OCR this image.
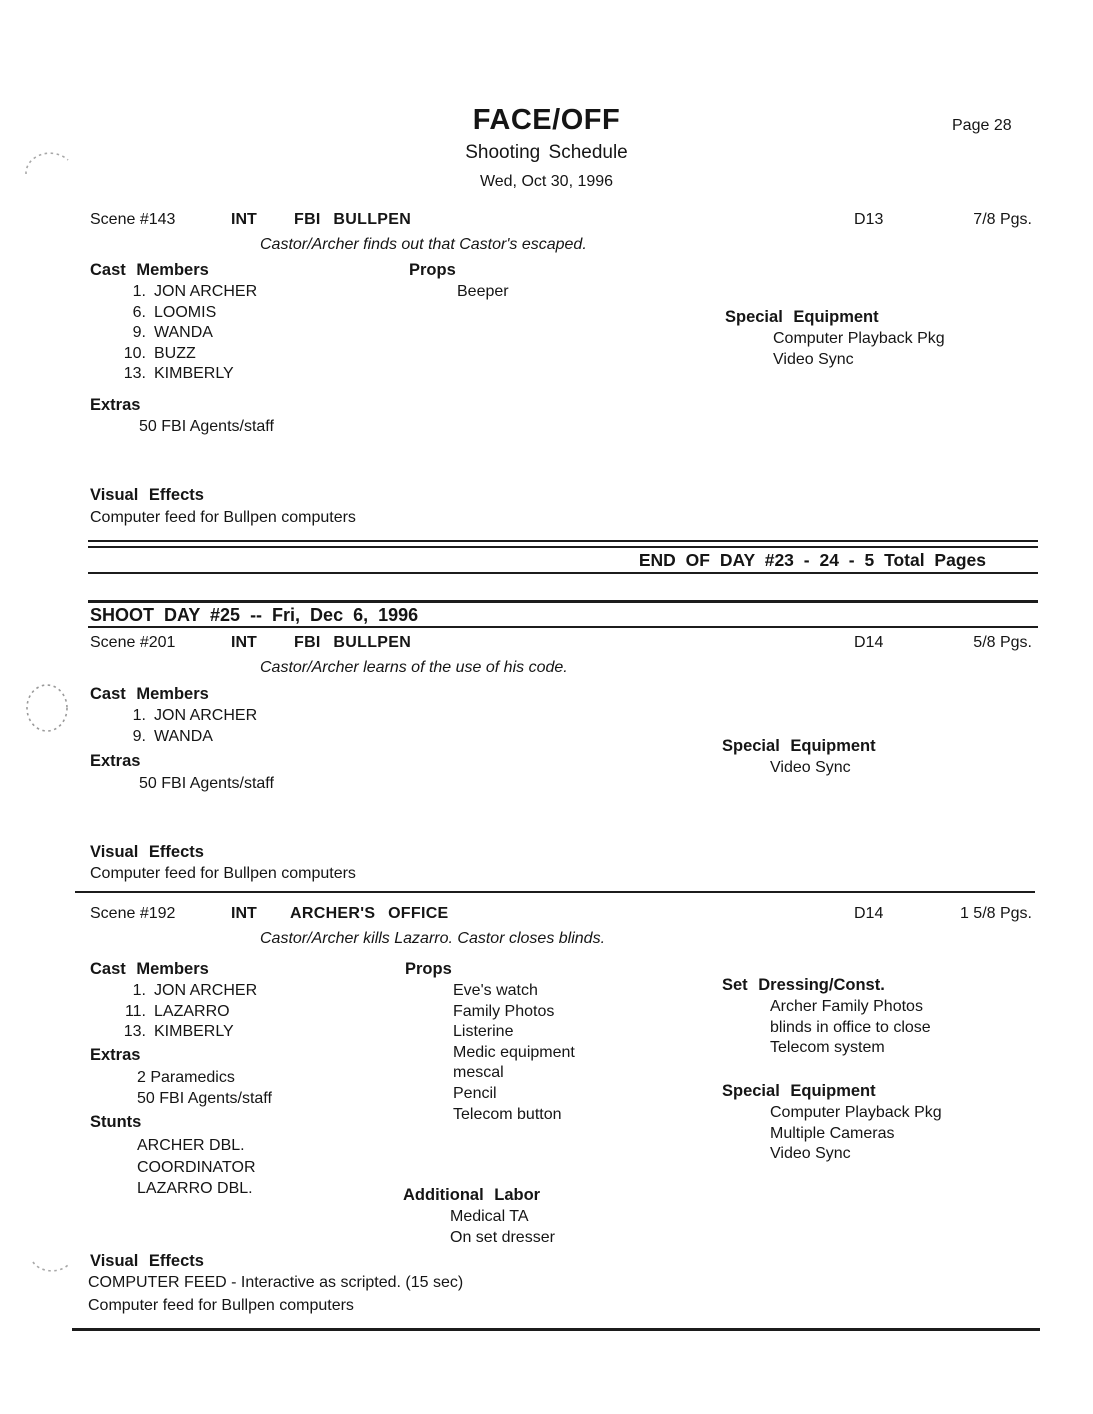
FACE/OFF	Page 28
Shooting Schedule
Wed, Oct 30, 1996
Scene #143	INT FBI BULLPEN	D13	7/8 Pgs.
Castor/Archer finds out that Castor's escaped.
Cast Members
1. JON ARCHER
6. LOOMIS
9. WANDA
10. BUZZ
13. KIMBERLY
Props
Beeper
Special Equipment
Computer Playback Pkg
Video Sync
Extras
50 FBI Agents/staff
Visual Effects
Computer feed for Bullpen computers
END OF DAY #23 - 24 - 5 Total Pages
SHOOT DAY #25 -- Fri, Dec 6, 1996
Scene #201	INT FBI BULLPEN	D14	5/8 Pgs.
Castor/Archer learns of the use of his code.
Cast Members
1. JON ARCHER
9. WANDA
Special Equipment
Video Sync
Extras
50 FBI Agents/staff
Visual Effects
Computer feed for Bullpen computers
Scene #192	INT ARCHER'S OFFICE	D14	1 5/8 Pgs.
Castor/Archer kills Lazarro. Castor closes blinds.
Cast Members
1. JON ARCHER
11. LAZARRO
13. KIMBERLY
Props
Eve's watch
Family Photos
Listerine
Medic equipment
mescal
Pencil
Telecom button
Set Dressing/Const.
Archer Family Photos
blinds in office to close
Telecom system
Extras
2 Paramedics
50 FBI Agents/staff	Special Equipment
Computer Playback Pkg
Multiple Cameras
Video Sync
Stunts
ARCHER DBL.
COORDINATOR
LAZARRO DBL.	Additional Labor
Medical TA
On set dresser
Visual Effects
COMPUTER FEED - Interactive as scripted. (15 sec)
Computer feed for Bullpen computers
